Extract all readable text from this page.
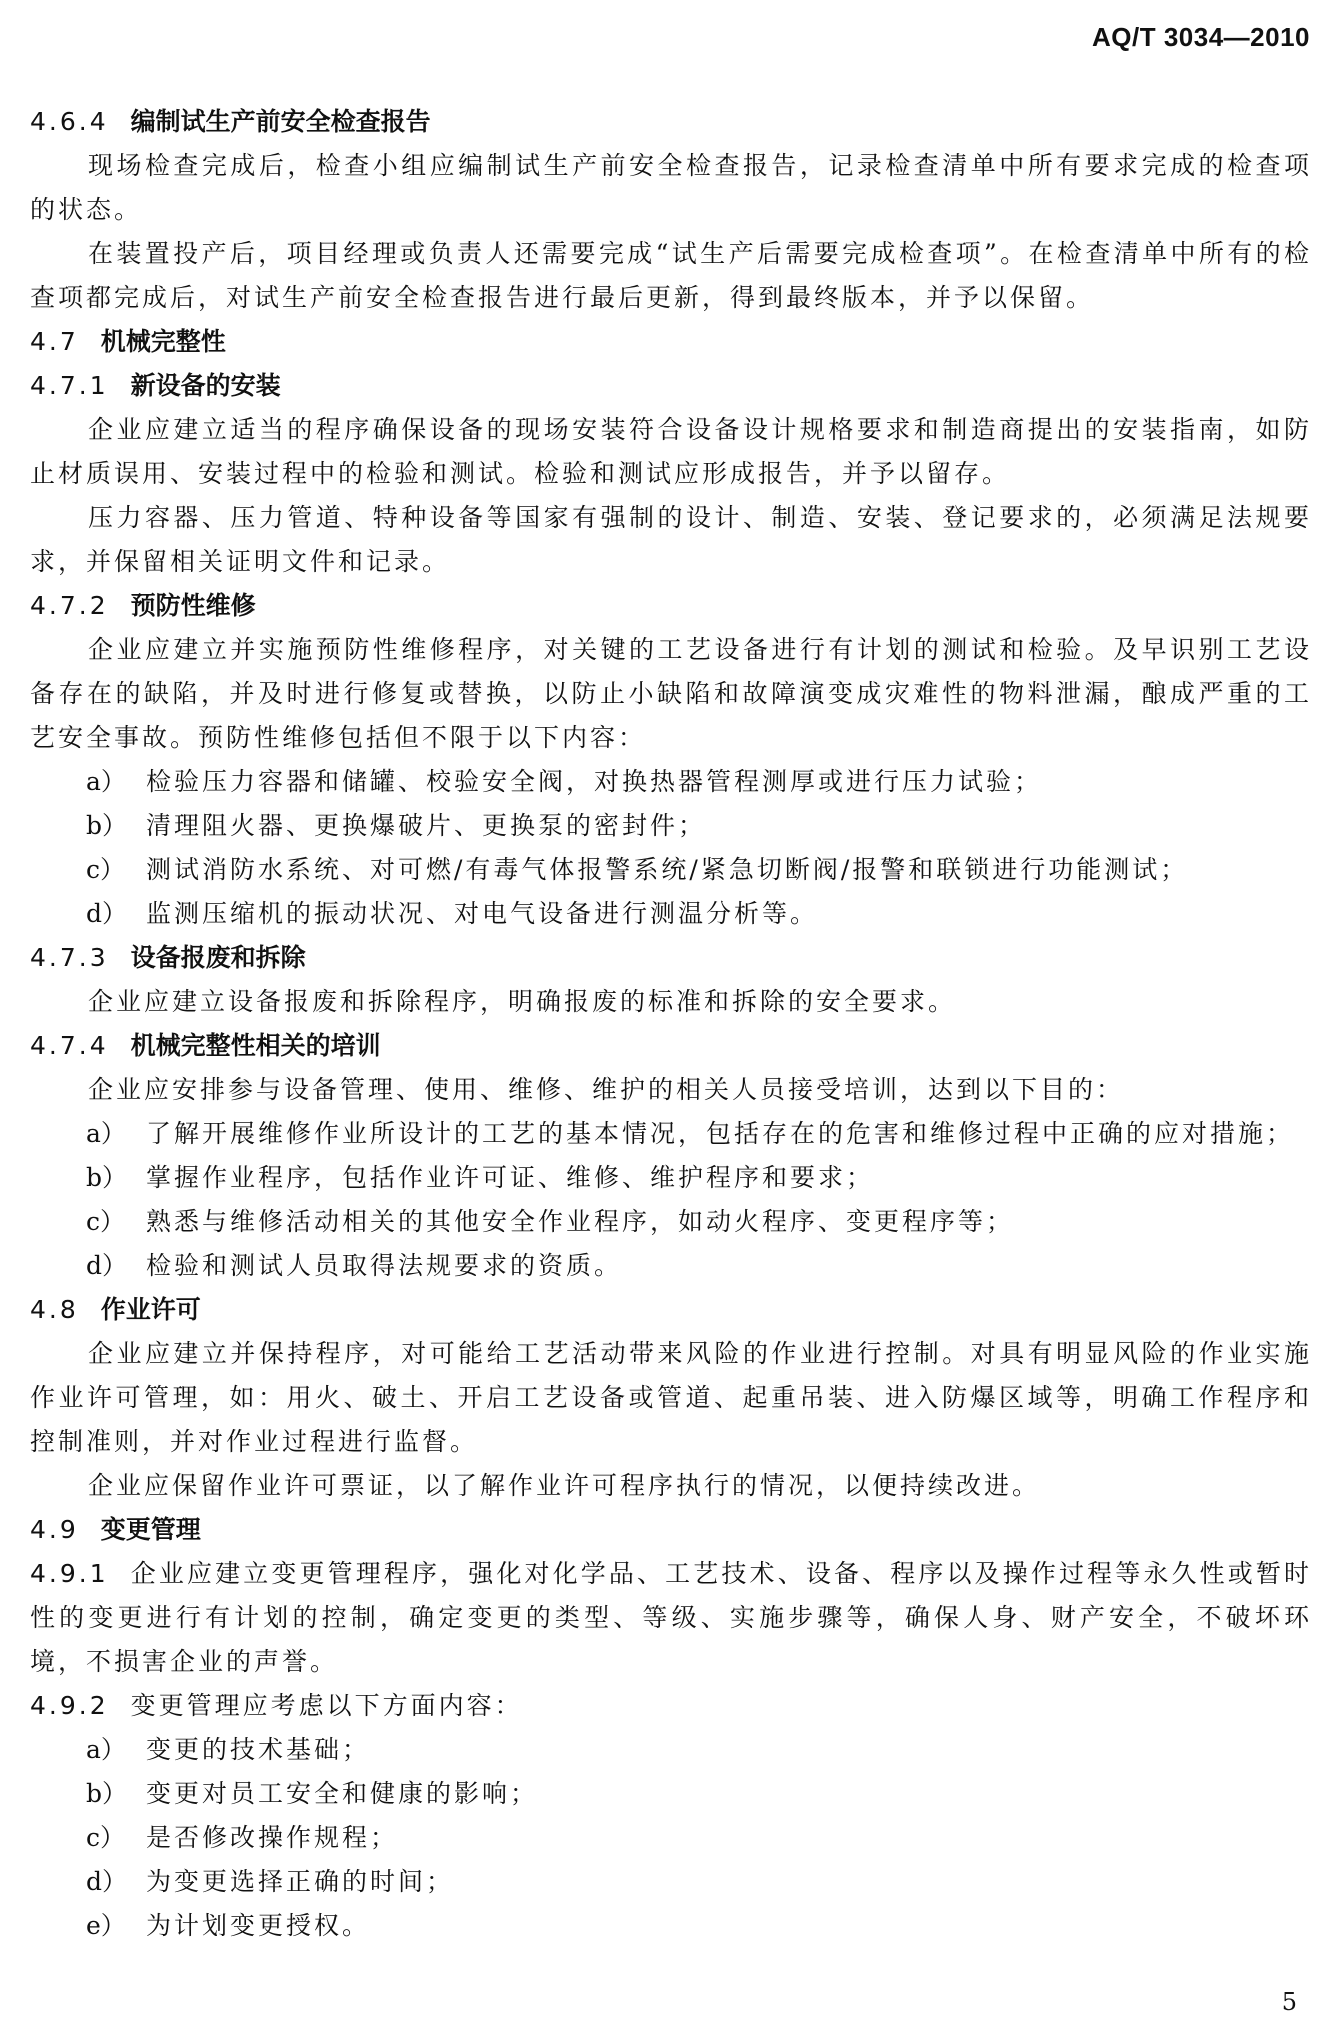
AQ/T 3034—2010
4.6.4 编制试生产前安全检查报告
现场检查完成后，检查小组应编制试生产前安全检查报告，记录检查清单中所有要求完成的检查项的状态。
在装置投产后，项目经理或负责人还需要完成“试生产后需要完成检查项”。在检查清单中所有的检查项都完成后，对试生产前安全检查报告进行最后更新，得到最终版本，并予以保留。
4.7 机械完整性
4.7.1 新设备的安装
企业应建立适当的程序确保设备的现场安装符合设备设计规格要求和制造商提出的安装指南，如防止材质误用、安装过程中的检验和测试。检验和测试应形成报告，并予以留存。
压力容器、压力管道、特种设备等国家有强制的设计、制造、安装、登记要求的，必须满足法规要求，并保留相关证明文件和记录。
4.7.2 预防性维修
企业应建立并实施预防性维修程序，对关键的工艺设备进行有计划的测试和检验。及早识别工艺设备存在的缺陷，并及时进行修复或替换，以防止小缺陷和故障演变成灾难性的物料泄漏，酿成严重的工艺安全事故。预防性维修包括但不限于以下内容：
a） 检验压力容器和储罐、校验安全阀，对换热器管程测厚或进行压力试验；
b） 清理阻火器、更换爆破片、更换泵的密封件；
c） 测试消防水系统、对可燃/有毒气体报警系统/紧急切断阀/报警和联锁进行功能测试；
d） 监测压缩机的振动状况、对电气设备进行测温分析等。
4.7.3 设备报废和拆除
企业应建立设备报废和拆除程序，明确报废的标准和拆除的安全要求。
4.7.4 机械完整性相关的培训
企业应安排参与设备管理、使用、维修、维护的相关人员接受培训，达到以下目的：
a） 了解开展维修作业所设计的工艺的基本情况，包括存在的危害和维修过程中正确的应对措施；
b） 掌握作业程序，包括作业许可证、维修、维护程序和要求；
c） 熟悉与维修活动相关的其他安全作业程序，如动火程序、变更程序等；
d） 检验和测试人员取得法规要求的资质。
4.8 作业许可
企业应建立并保持程序，对可能给工艺活动带来风险的作业进行控制。对具有明显风险的作业实施作业许可管理，如：用火、破土、开启工艺设备或管道、起重吊装、进入防爆区域等，明确工作程序和控制准则，并对作业过程进行监督。
企业应保留作业许可票证，以了解作业许可程序执行的情况，以便持续改进。
4.9 变更管理
4.9.1 企业应建立变更管理程序，强化对化学品、工艺技术、设备、程序以及操作过程等永久性或暂时性的变更进行有计划的控制，确定变更的类型、等级、实施步骤等，确保人身、财产安全，不破坏环境，不损害企业的声誉。
4.9.2 变更管理应考虑以下方面内容：
a） 变更的技术基础；
b） 变更对员工安全和健康的影响；
c） 是否修改操作规程；
d） 为变更选择正确的时间；
e） 为计划变更授权。
5
